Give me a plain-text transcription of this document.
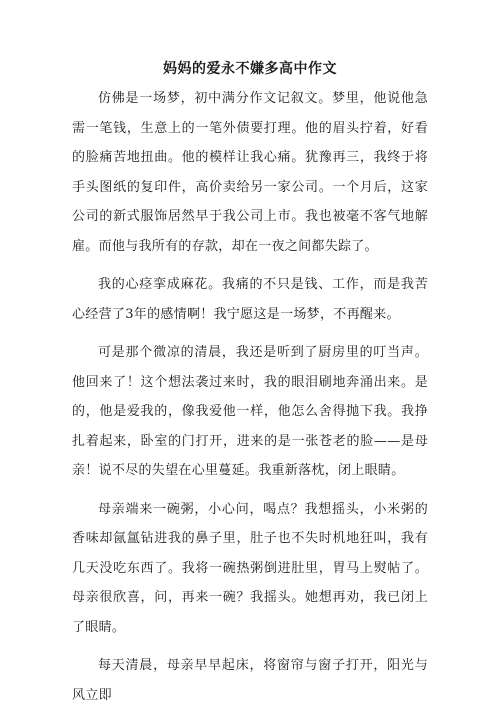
妈妈的爱永不嫌多高中作文

仿佛是一场梦，初中满分作文记叙文。梦里，他说他急需一笔钱，生意上的一笔外债要打理。他的眉头拧着，好看的脸痛苦地扭曲。他的模样让我心痛。犹豫再三，我终于将手头图纸的复印件，高价卖给另一家公司。一个月后，这家公司的新式服饰居然早于我公司上市。我也被毫不客气地解雇。而他与我所有的存款，却在一夜之间都失踪了。

我的心痉挛成麻花。我痛的不只是钱、工作，而是我苦心经营了3年的感情啊！我宁愿这是一场梦，不再醒来。

可是那个微凉的清晨，我还是听到了厨房里的叮当声。他回来了！这个想法袭过来时，我的眼泪刷地奔涌出来。是的，他是爱我的，像我爱他一样，他怎么舍得抛下我。我挣扎着起来，卧室的门打开，进来的是一张苍老的脸——是母亲！说不尽的失望在心里蔓延。我重新落枕，闭上眼睛。

母亲端来一碗粥，小心问，喝点？我想摇头，小米粥的香味却氤氲钻进我的鼻子里，肚子也不失时机地狂叫，我有几天没吃东西了。我将一碗热粥倒进肚里，胃马上熨帖了。母亲很欣喜，问，再来一碗？我摇头。她想再劝，我已闭上了眼睛。

每天清晨，母亲早早起床，将窗帘与窗子打开，阳光与风立即
